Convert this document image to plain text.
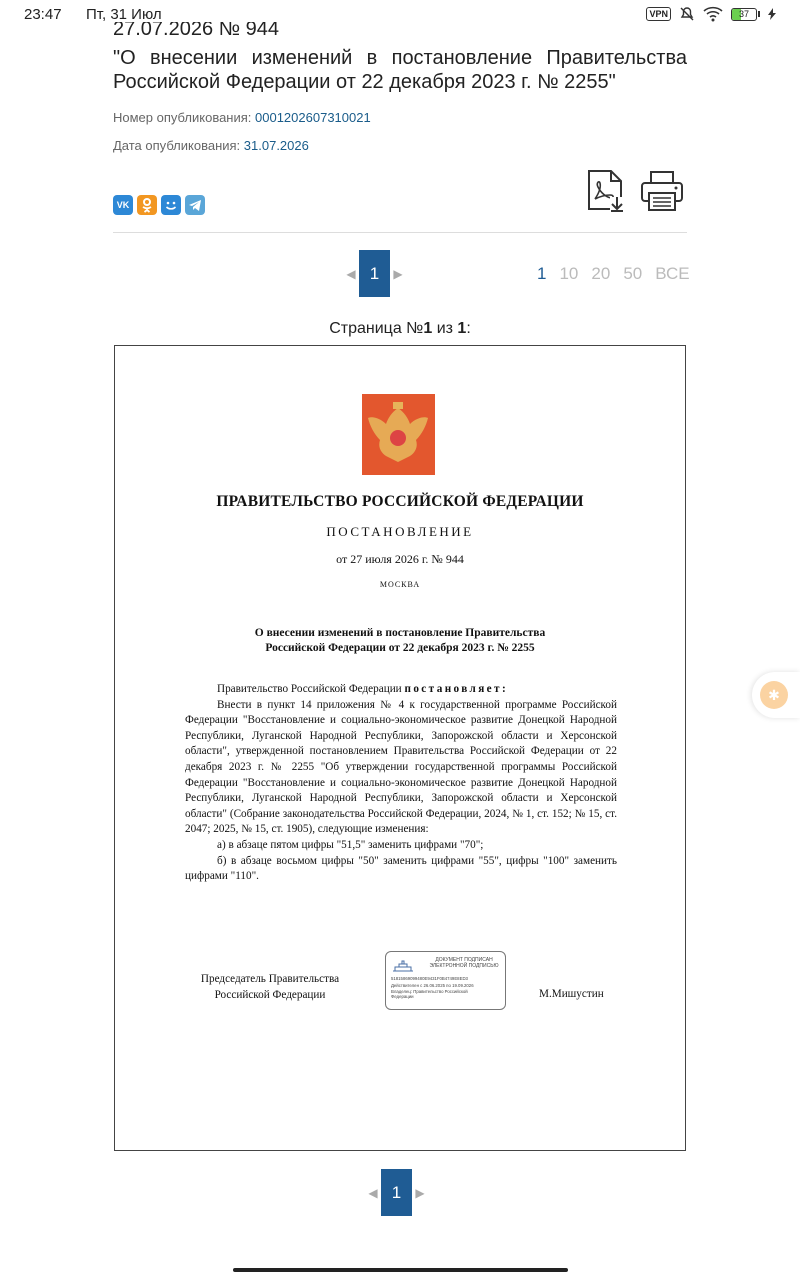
23:47 Пт, 31 Июл	VPN	37
27.07.2026 № 944
"О внесении изменений в постановление Правительства Российской Федерации от 22 декабря 2023 г. № 2255"
Номер опубликования: 0001202607310021
Дата опубликования: 31.07.2026
VK
◀ 1	▶	1 10 20 50 ВСЕ
Страница №1 из 1:
ПРАВИТЕЛЬСТВО РОССИЙСКОЙ ФЕДЕРАЦИИ
ПОСТАНОВЛЕНИЕ
от 27 июля 2026 г. № 944
МОСКВА
О внесении изменений в постановление Правительства
Российской Федерации от 22 декабря 2023 г. № 2255

Правительство Российской Федерации постановляет:

Внести в пункт 14 приложения № 4 к государственной программе Российской Федерации "Восстановление и социально-экономическое развитие Донецкой Народной Республики, Луганской Народной Республики, Запорожской области и Херсонской области", утвержденной постановлением Правительства Российской Федерации от 22 декабря 2023 г. № 2255 "Об утверждении государственной программы Российской Федерации "Восстановление и социально-экономическое развитие Донецкой Народной Республики, Луганской Народной Республики, Запорожской области и Херсонской области" (Собрание законодательства Российской Федерации, 2024, № 1, ст. 152; № 15, ст. 2047; 2025, № 15, ст. 1905), следующие изменения:

а) в абзаце пятом цифры "51,5" заменить цифрами "70";

б) в абзаце восьмом цифры "50" заменить цифрами "55", цифры "100" заменить цифрами "110".

Председатель Правительства
Российской Федерации
ДОКУМЕНТ ПОДПИСАН ЭЛЕКТРОННОЙ ПОДПИСЬЮ
51815869099480E9431F0B4749E8ED3
Действителен с 26.06.2025 по 19.09.2026
Владелец: Правительство Российской Федерации	М.Мишустин
◀ 1	▶
✱
